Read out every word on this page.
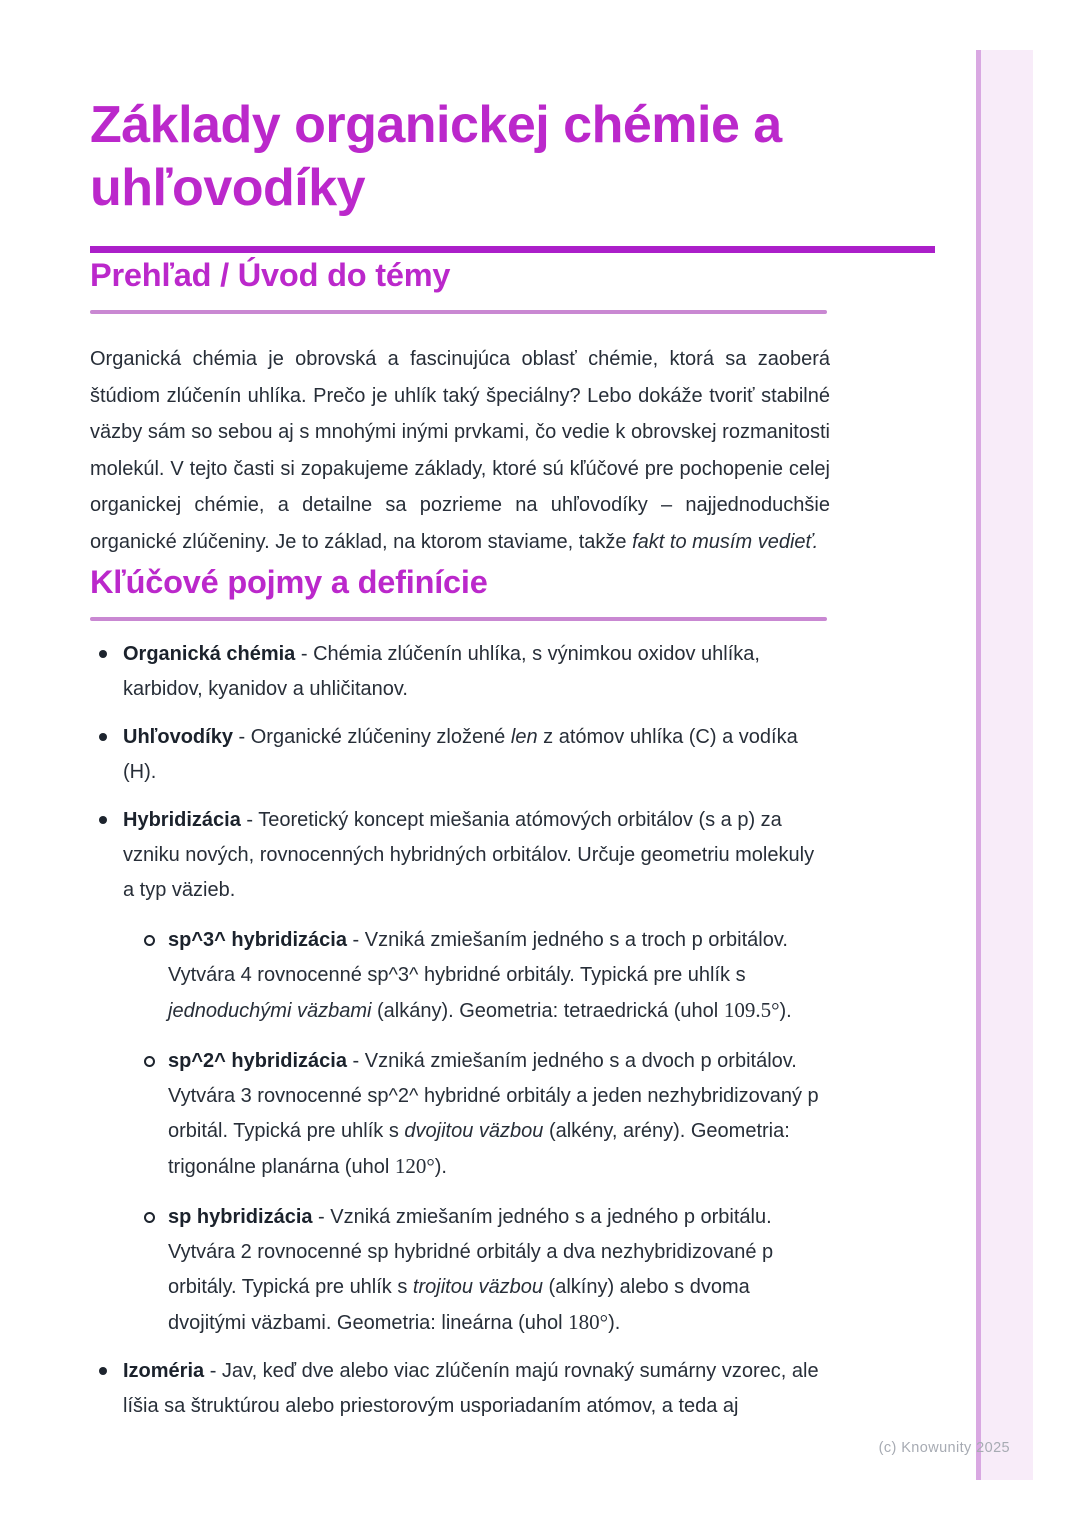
(c) Knowunity 2025
Základy organickej chémie a
uhľovodíky
Prehľad / Úvod do témy

Organická chémia je obrovská a fascinujúca oblasť chémie, ktorá sa zaoberá štúdiom zlúčenín uhlíka. Prečo je uhlík taký špeciálny? Lebo dokáže tvoriť stabilné väzby sám so sebou aj s mnohými inými prvkami, čo vedie k obrovskej rozmanitosti molekúl. V tejto časti si zopakujeme základy, ktoré sú kľúčové pre pochopenie celej organickej chémie, a detailne sa pozrieme na uhľovodíky – najjednoduchšie organické zlúčeniny. Je to základ, na ktorom staviame, takže fakt to musím vedieť.

Kľúčové pojmy a definície
Organická chémia - Chémia zlúčenín uhlíka, s výnimkou oxidov uhlíka, karbidov, kyanidov a uhličitanov.
Uhľovodíky - Organické zlúčeniny zložené len z atómov uhlíka (C) a vodíka (H).
Hybridizácia - Teoretický koncept miešania atómových orbitálov (s a p) za vzniku nových, rovnocenných hybridných orbitálov. Určuje geometriu molekuly a typ väzieb.
sp^3^ hybridizácia - Vzniká zmiešaním jedného s a troch p orbitálov. Vytvára 4 rovnocenné sp^3^ hybridné orbitály. Typická pre uhlík s jednoduchými väzbami (alkány). Geometria: tetraedrická (uhol 109.5°).
sp^2^ hybridizácia - Vzniká zmiešaním jedného s a dvoch p orbitálov. Vytvára 3 rovnocenné sp^2^ hybridné orbitály a jeden nezhybridizovaný p orbitál. Typická pre uhlík s dvojitou väzbou (alkény, arény). Geometria: trigonálne planárna (uhol 120°).
sp hybridizácia - Vzniká zmiešaním jedného s a jedného p orbitálu. Vytvára 2 rovnocenné sp hybridné orbitály a dva nezhybridizované p orbitály. Typická pre uhlík s trojitou väzbou (alkíny) alebo s dvoma dvojitými väzbami. Geometria: lineárna (uhol 180°).
Izoméria - Jav, keď dve alebo viac zlúčenín majú rovnaký sumárny vzorec, ale líšia sa štruktúrou alebo priestorovým usporiadaním atómov, a teda aj
